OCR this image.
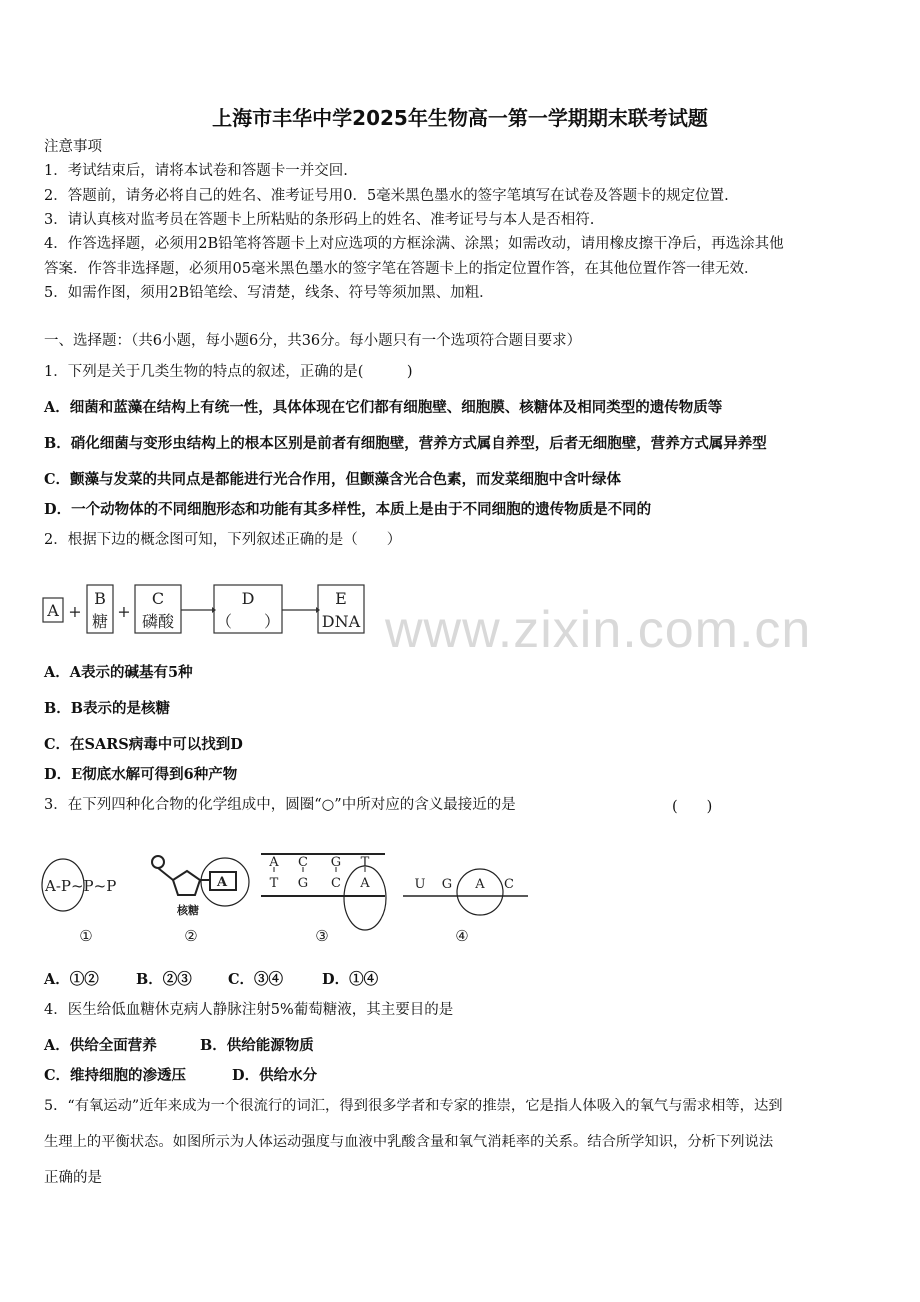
上海市丰华中学2025年生物高一第一学期期末联考试题
注意事项
1．考试结束后，请将本试卷和答题卡一并交回.
2．答题前，请务必将自己的姓名、准考证号用0．5毫米黑色墨水的签字笔填写在试卷及答题卡的规定位置.
3．请认真核对监考员在答题卡上所粘贴的条形码上的姓名、准考证号与本人是否相符.
4．作答选择题，必须用2B铅笔将答题卡上对应选项的方框涂满、涂黑；如需改动，请用橡皮擦干净后，再选涂其他
答案．作答非选择题，必须用05毫米黑色墨水的签字笔在答题卡上的指定位置作答，在其他位置作答一律无效．
5．如需作图，须用2B铅笔绘、写清楚，线条、符号等须加黑、加粗．
一、选择题：（共6小题，每小题6分，共36分。每小题只有一个选项符合题目要求）
1．下列是关于几类生物的特点的叙述，正确的是(　　　)
A．细菌和蓝藻在结构上有统一性，具体体现在它们都有细胞壁、细胞膜、核糖体及相同类型的遗传物质等
B．硝化细菌与变形虫结构上的根本区别是前者有细胞壁，营养方式属自养型，后者无细胞壁，营养方式属异养型
C．颤藻与发菜的共同点是都能进行光合作用，但颤藻含光合色素，而发菜细胞中含叶绿体
D．一个动物体的不同细胞形态和功能有其多样性，本质上是由于不同细胞的遗传物质是不同的
2．根据下边的概念图可知，下列叙述正确的是（　　）
www.zixin.com.cn
A +
B
糖
+
C
磷酸
D
（　　）
E
DNA
A．A表示的碱基有5种
B．B表示的是核糖
C．在SARS病毒中可以找到D
D．E彻底水解可得到6种产物
3．在下列四种化合物的化学组成中，圆圈“○”中所对应的含义最接近的是	(　　)
A-P~P~P	A
核糖
A C G T
T G C A	U G A C
①	②	③	④
A．①②	B．②③ C．③④	D．①④
4．医生给低血糖休克病人静脉注射5%葡萄糖液，其主要目的是
A．供给全面营养	B．供给能源物质
C．维持细胞的渗透压	D．供给水分
5．“有氧运动”近年来成为一个很流行的词汇，得到很多学者和专家的推崇，它是指人体吸入的氧气与需求相等，达到
生理上的平衡状态。如图所示为人体运动强度与血液中乳酸含量和氧气消耗率的关系。结合所学知识，分析下列说法
正确的是
